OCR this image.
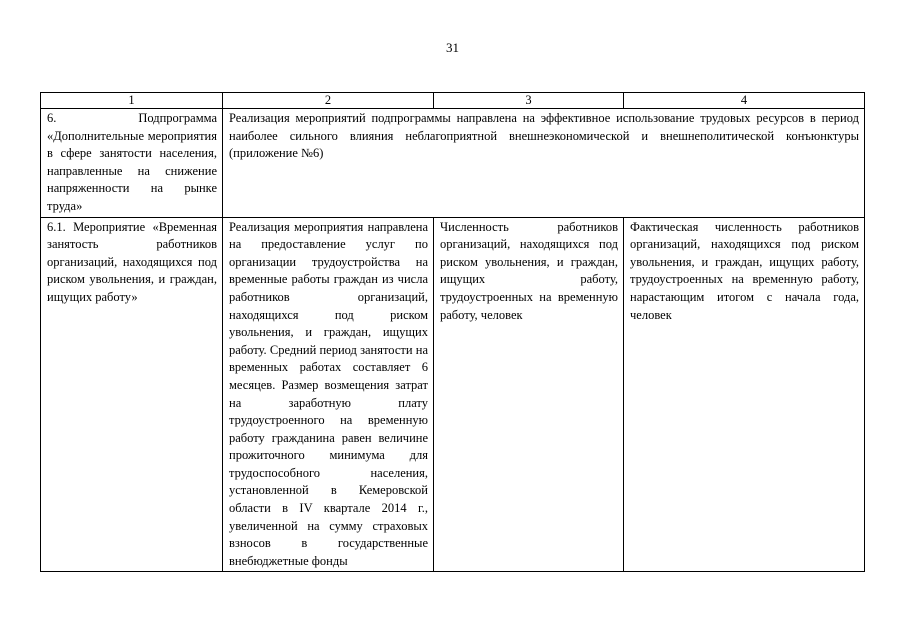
31
1	2	3	4

6. Подпрограмма «Дополнительные мероприятия в сфере занятости населения, направленные на снижение напряженности на рынке труда»	Реализация мероприятий подпрограммы направлена на эффективное использование трудовых ресурсов в период наиболее сильного влияния неблагоприятной внешнеэкономической и внешнеполитической конъюнктуры (приложение №6)		

6.1. Мероприятие «Временная занятость работников организаций, находящихся под риском увольнения, и граждан, ищущих работу»	Реализация мероприятия направлена на предоставление услуг по организации трудоустройства на временные работы граждан из числа работников организаций, находящихся под риском увольнения, и граждан, ищущих работу. Средний период занятости на временных работах составляет 6 месяцев. Размер возмещения затрат на заработную плату трудоустроенного на временную работу гражданина равен величине прожиточного минимума для трудоспособного населения, установленной в Кемеровской области в IV квартале 2014 г., увеличенной на сумму страховых взносов в государственные внебюджетные фонды	Численность работников организаций, находящихся под риском увольнения, и граждан, ищущих работу, трудоустроенных на временную работу, человек	Фактическая численность работников организаций, находящихся под риском увольнения, и граждан, ищущих работу, трудоустроенных на временную работу, нарастающим итогом с начала года, человек
